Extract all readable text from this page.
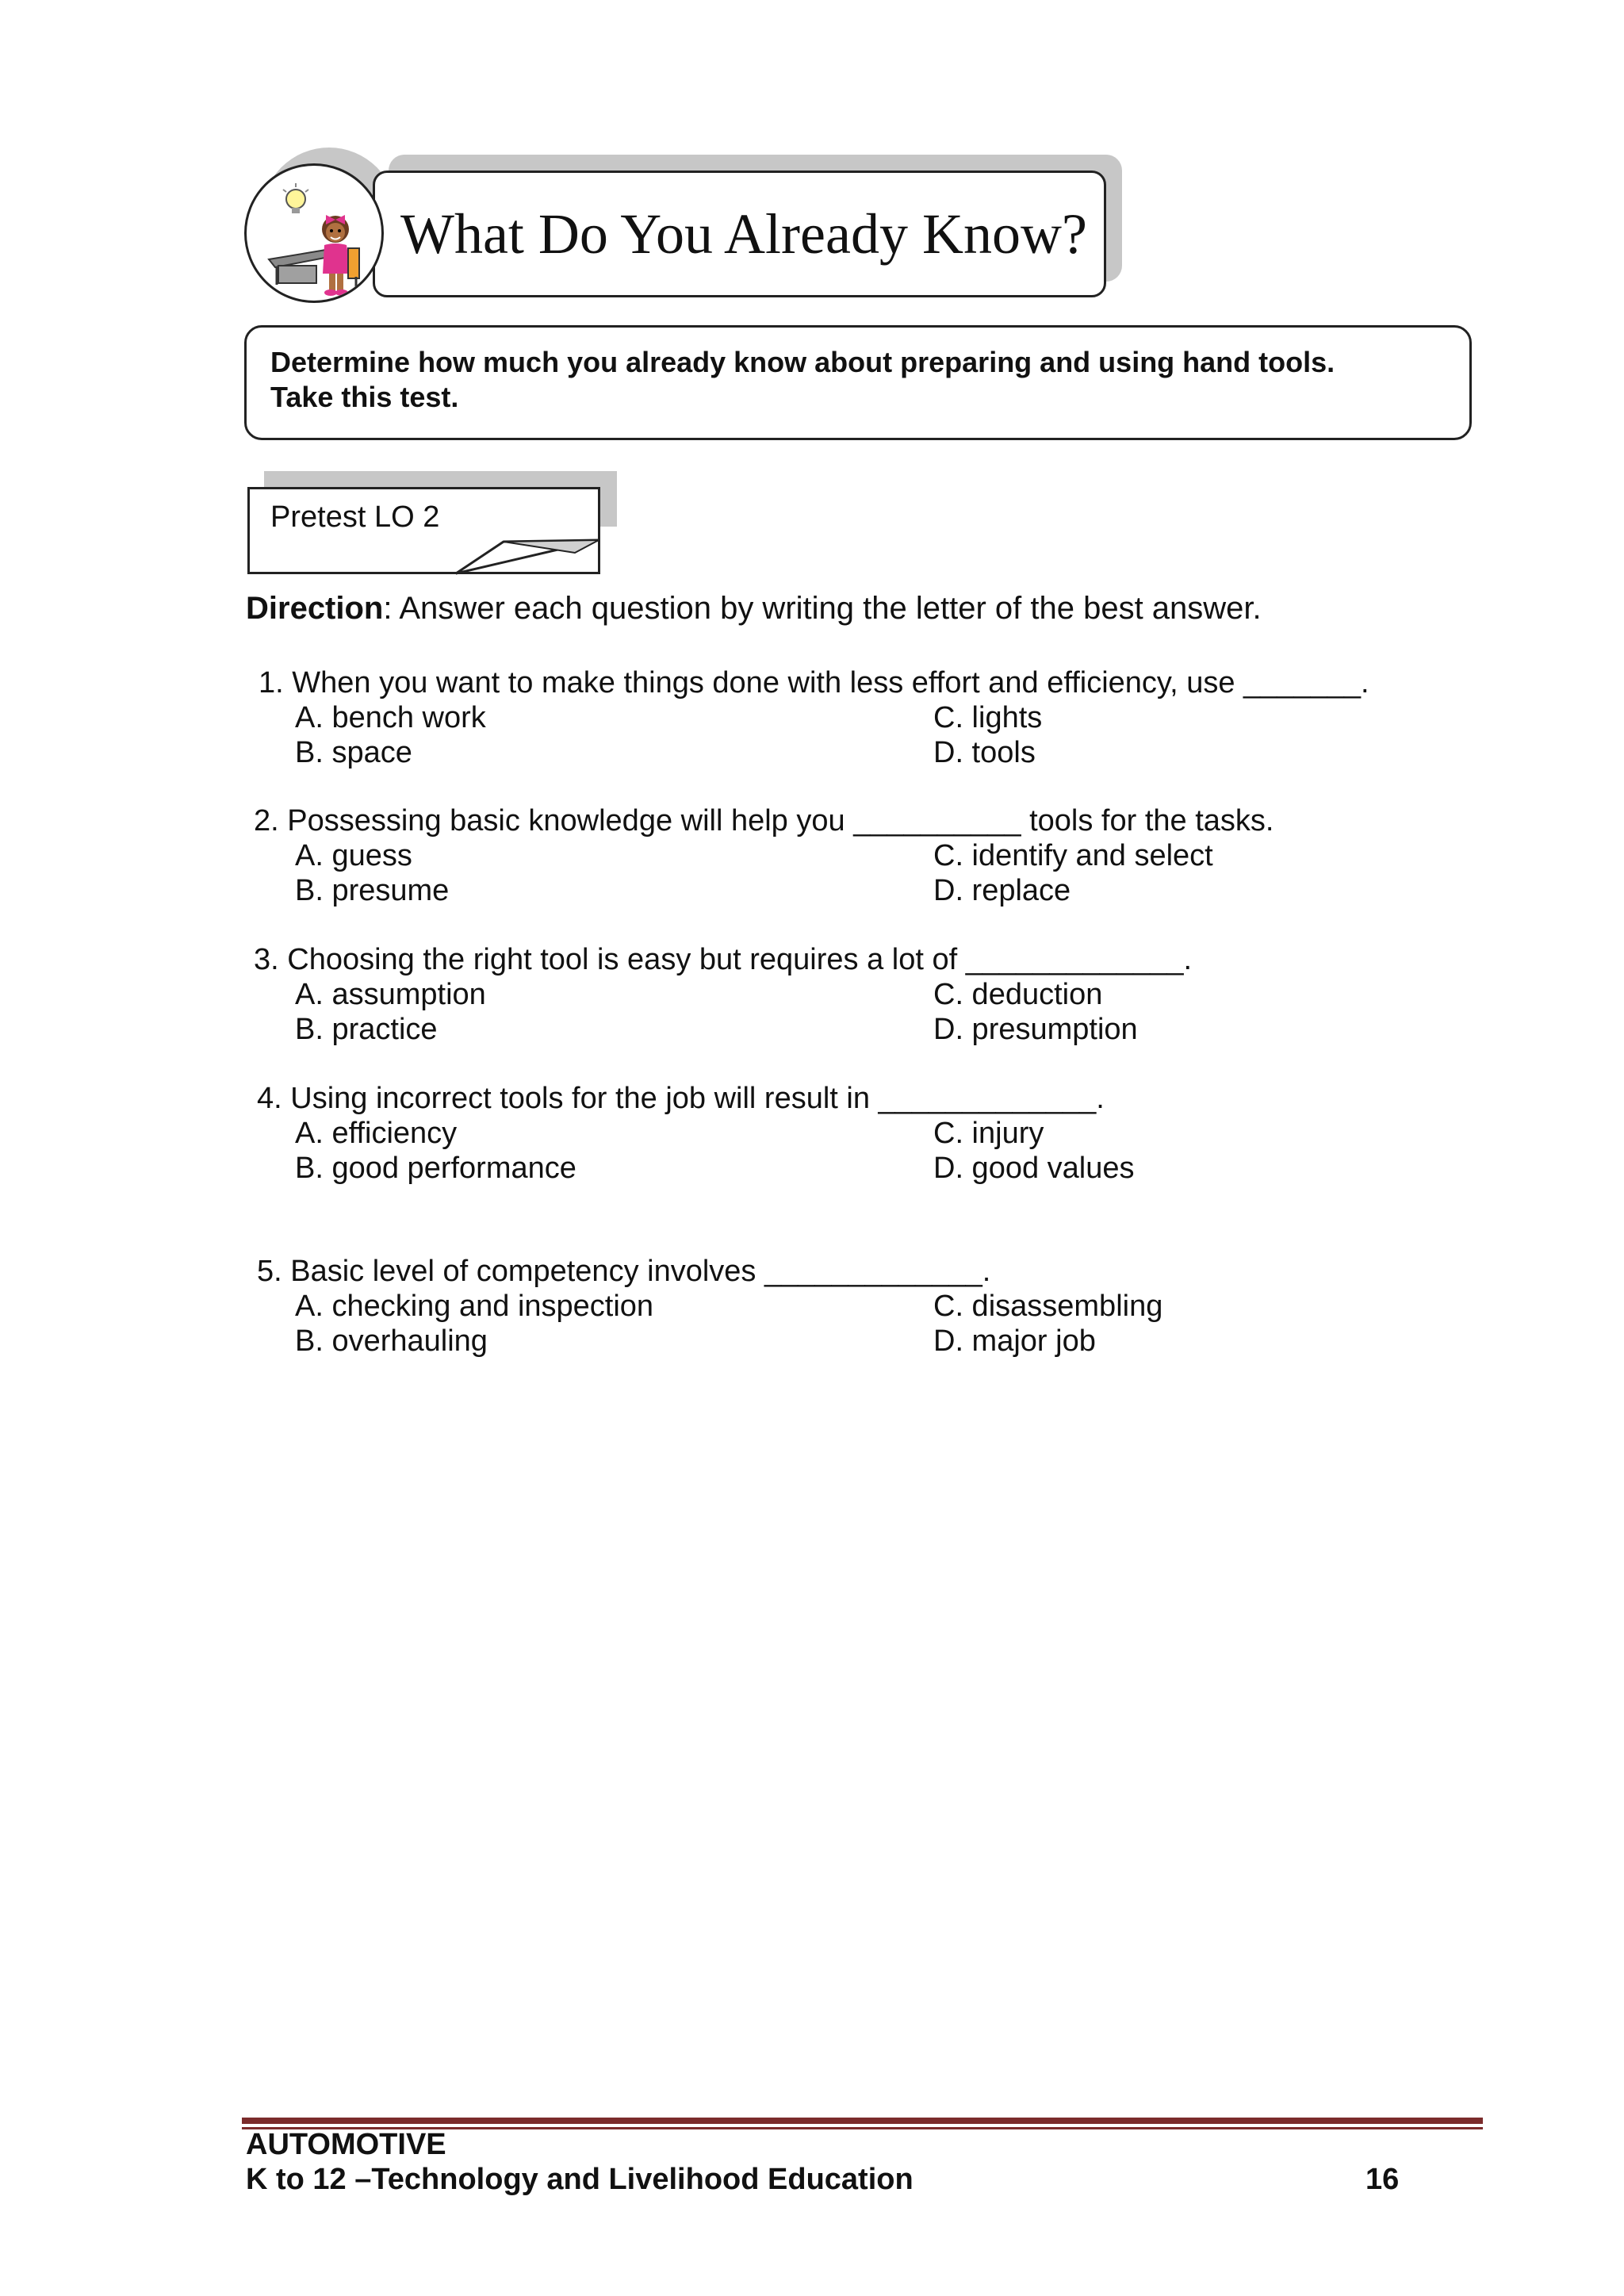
What Do You Already Know?
Determine how much you already know about preparing and using hand tools.
Take this test.
Pretest LO 2
Direction: Answer each question by writing the letter of the best answer.
1. When you want to make things done with less effort and efficiency, use _______.
A. bench work
B. space
C. lights
D. tools
2. Possessing basic knowledge will help you __________ tools for the tasks.
A. guess
B. presume
C. identify and select
D. replace
3. Choosing the right tool is easy but requires a lot of _____________.
A. assumption
B. practice
C. deduction
D. presumption
4. Using incorrect tools for the job will result in _____________.
A. efficiency
B. good performance
C. injury
D. good values
5. Basic level of competency involves _____________.
A. checking and inspection
B. overhauling
C. disassembling
D. major job
AUTOMOTIVE
K to 12 –Technology and Livelihood Education	16
